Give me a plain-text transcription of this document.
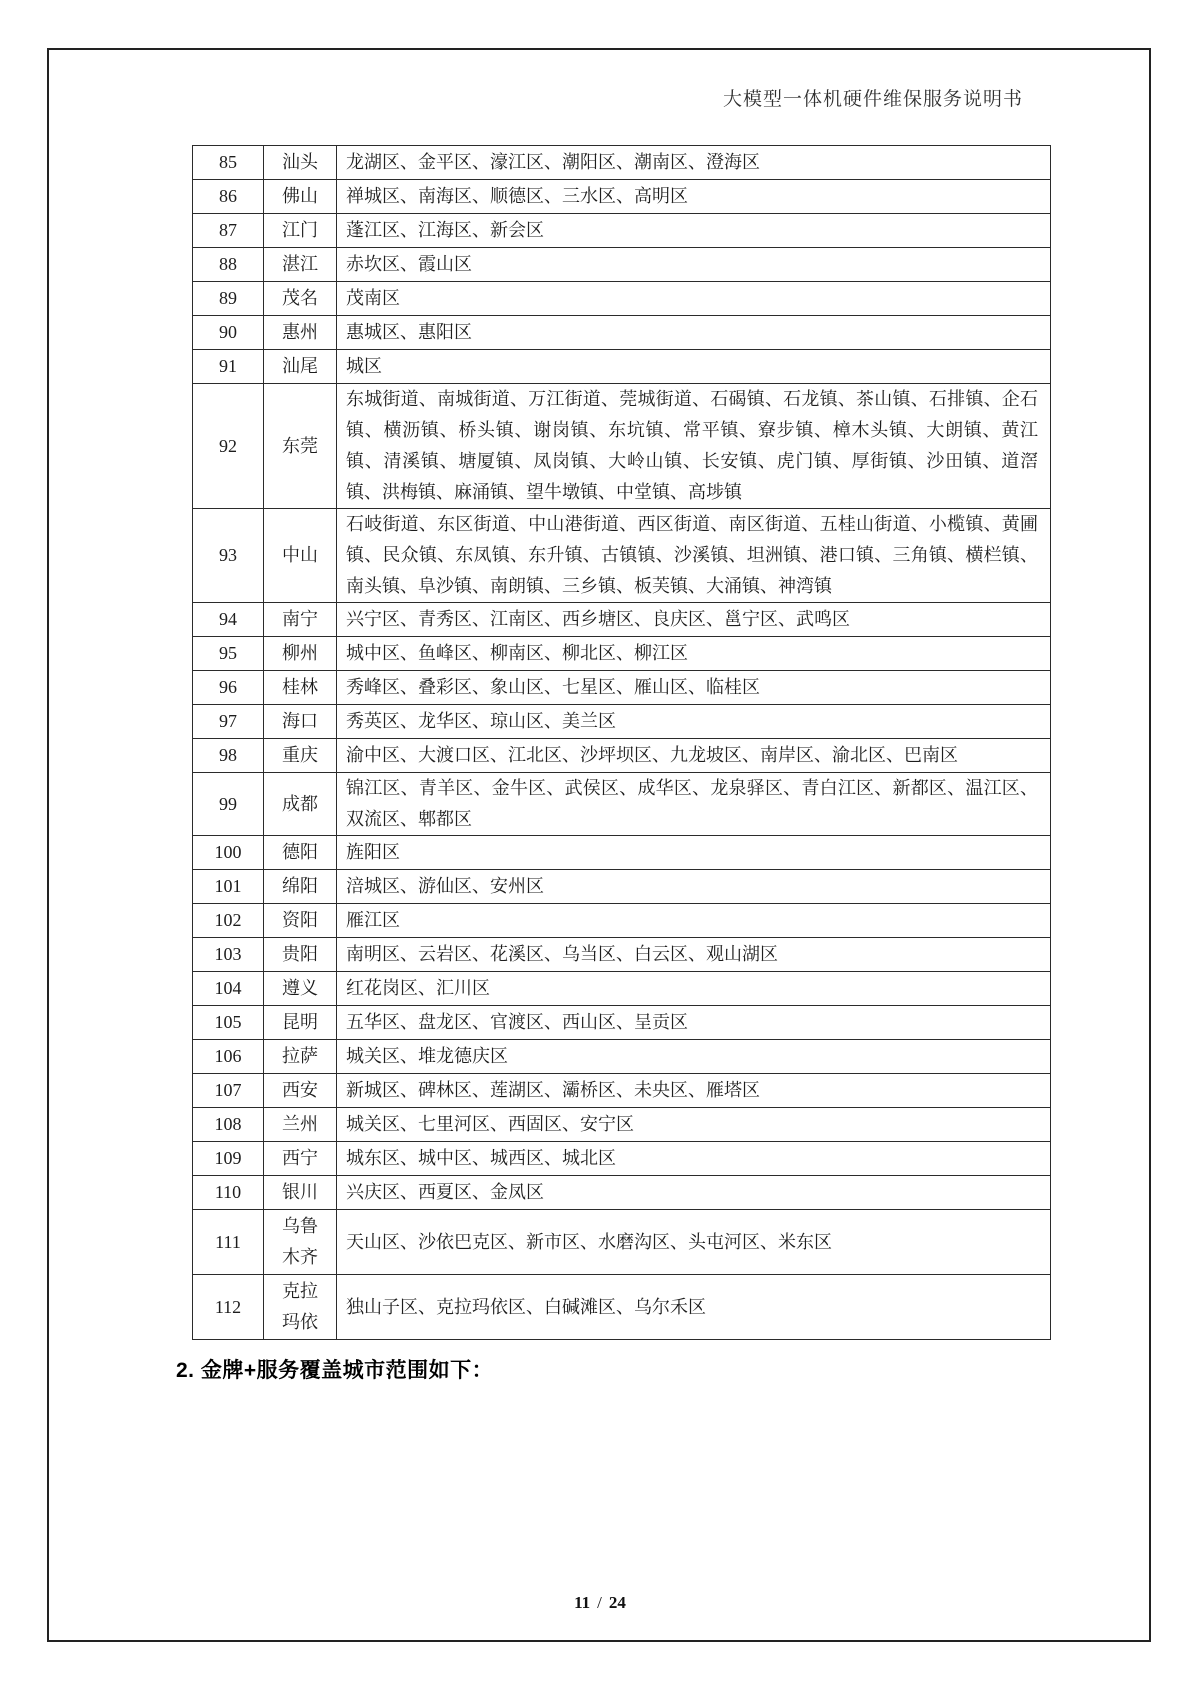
大模型一体机硬件维保服务说明书
85	汕头	龙湖区、金平区、濠江区、潮阳区、潮南区、澄海区
86	佛山	禅城区、南海区、顺德区、三水区、高明区
87	江门	蓬江区、江海区、新会区
88	湛江	赤坎区、霞山区
89	茂名	茂南区
90	惠州	惠城区、惠阳区
91	汕尾	城区
92	东莞	东城街道、南城街道、万江街道、莞城街道、石碣镇、石龙镇、茶山镇、石排镇、企石镇、横沥镇、桥头镇、谢岗镇、东坑镇、常平镇、寮步镇、樟木头镇、大朗镇、黄江镇、清溪镇、塘厦镇、凤岗镇、大岭山镇、长安镇、虎门镇、厚街镇、沙田镇、道滘镇、洪梅镇、麻涌镇、望牛墩镇、中堂镇、高埗镇
93	中山	石岐街道、东区街道、中山港街道、西区街道、南区街道、五桂山街道、小榄镇、黄圃镇、民众镇、东凤镇、东升镇、古镇镇、沙溪镇、坦洲镇、港口镇、三角镇、横栏镇、南头镇、阜沙镇、南朗镇、三乡镇、板芙镇、大涌镇、神湾镇
94	南宁	兴宁区、青秀区、江南区、西乡塘区、良庆区、邕宁区、武鸣区
95	柳州	城中区、鱼峰区、柳南区、柳北区、柳江区
96	桂林	秀峰区、叠彩区、象山区、七星区、雁山区、临桂区
97	海口	秀英区、龙华区、琼山区、美兰区
98	重庆	渝中区、大渡口区、江北区、沙坪坝区、九龙坡区、南岸区、渝北区、巴南区
99	成都	锦江区、青羊区、金牛区、武侯区、成华区、龙泉驿区、青白江区、新都区、温江区、双流区、郫都区
100	德阳	旌阳区
101	绵阳	涪城区、游仙区、安州区
102	资阳	雁江区
103	贵阳	南明区、云岩区、花溪区、乌当区、白云区、观山湖区
104	遵义	红花岗区、汇川区
105	昆明	五华区、盘龙区、官渡区、西山区、呈贡区
106	拉萨	城关区、堆龙德庆区
107	西安	新城区、碑林区、莲湖区、灞桥区、未央区、雁塔区
108	兰州	城关区、七里河区、西固区、安宁区
109	西宁	城东区、城中区、城西区、城北区
110	银川	兴庆区、西夏区、金凤区
111	乌鲁木齐	天山区、沙依巴克区、新市区、水磨沟区、头屯河区、米东区
112	克拉玛依	独山子区、克拉玛依区、白碱滩区、乌尔禾区
2. 金牌+服务覆盖城市范围如下：
11 / 24
